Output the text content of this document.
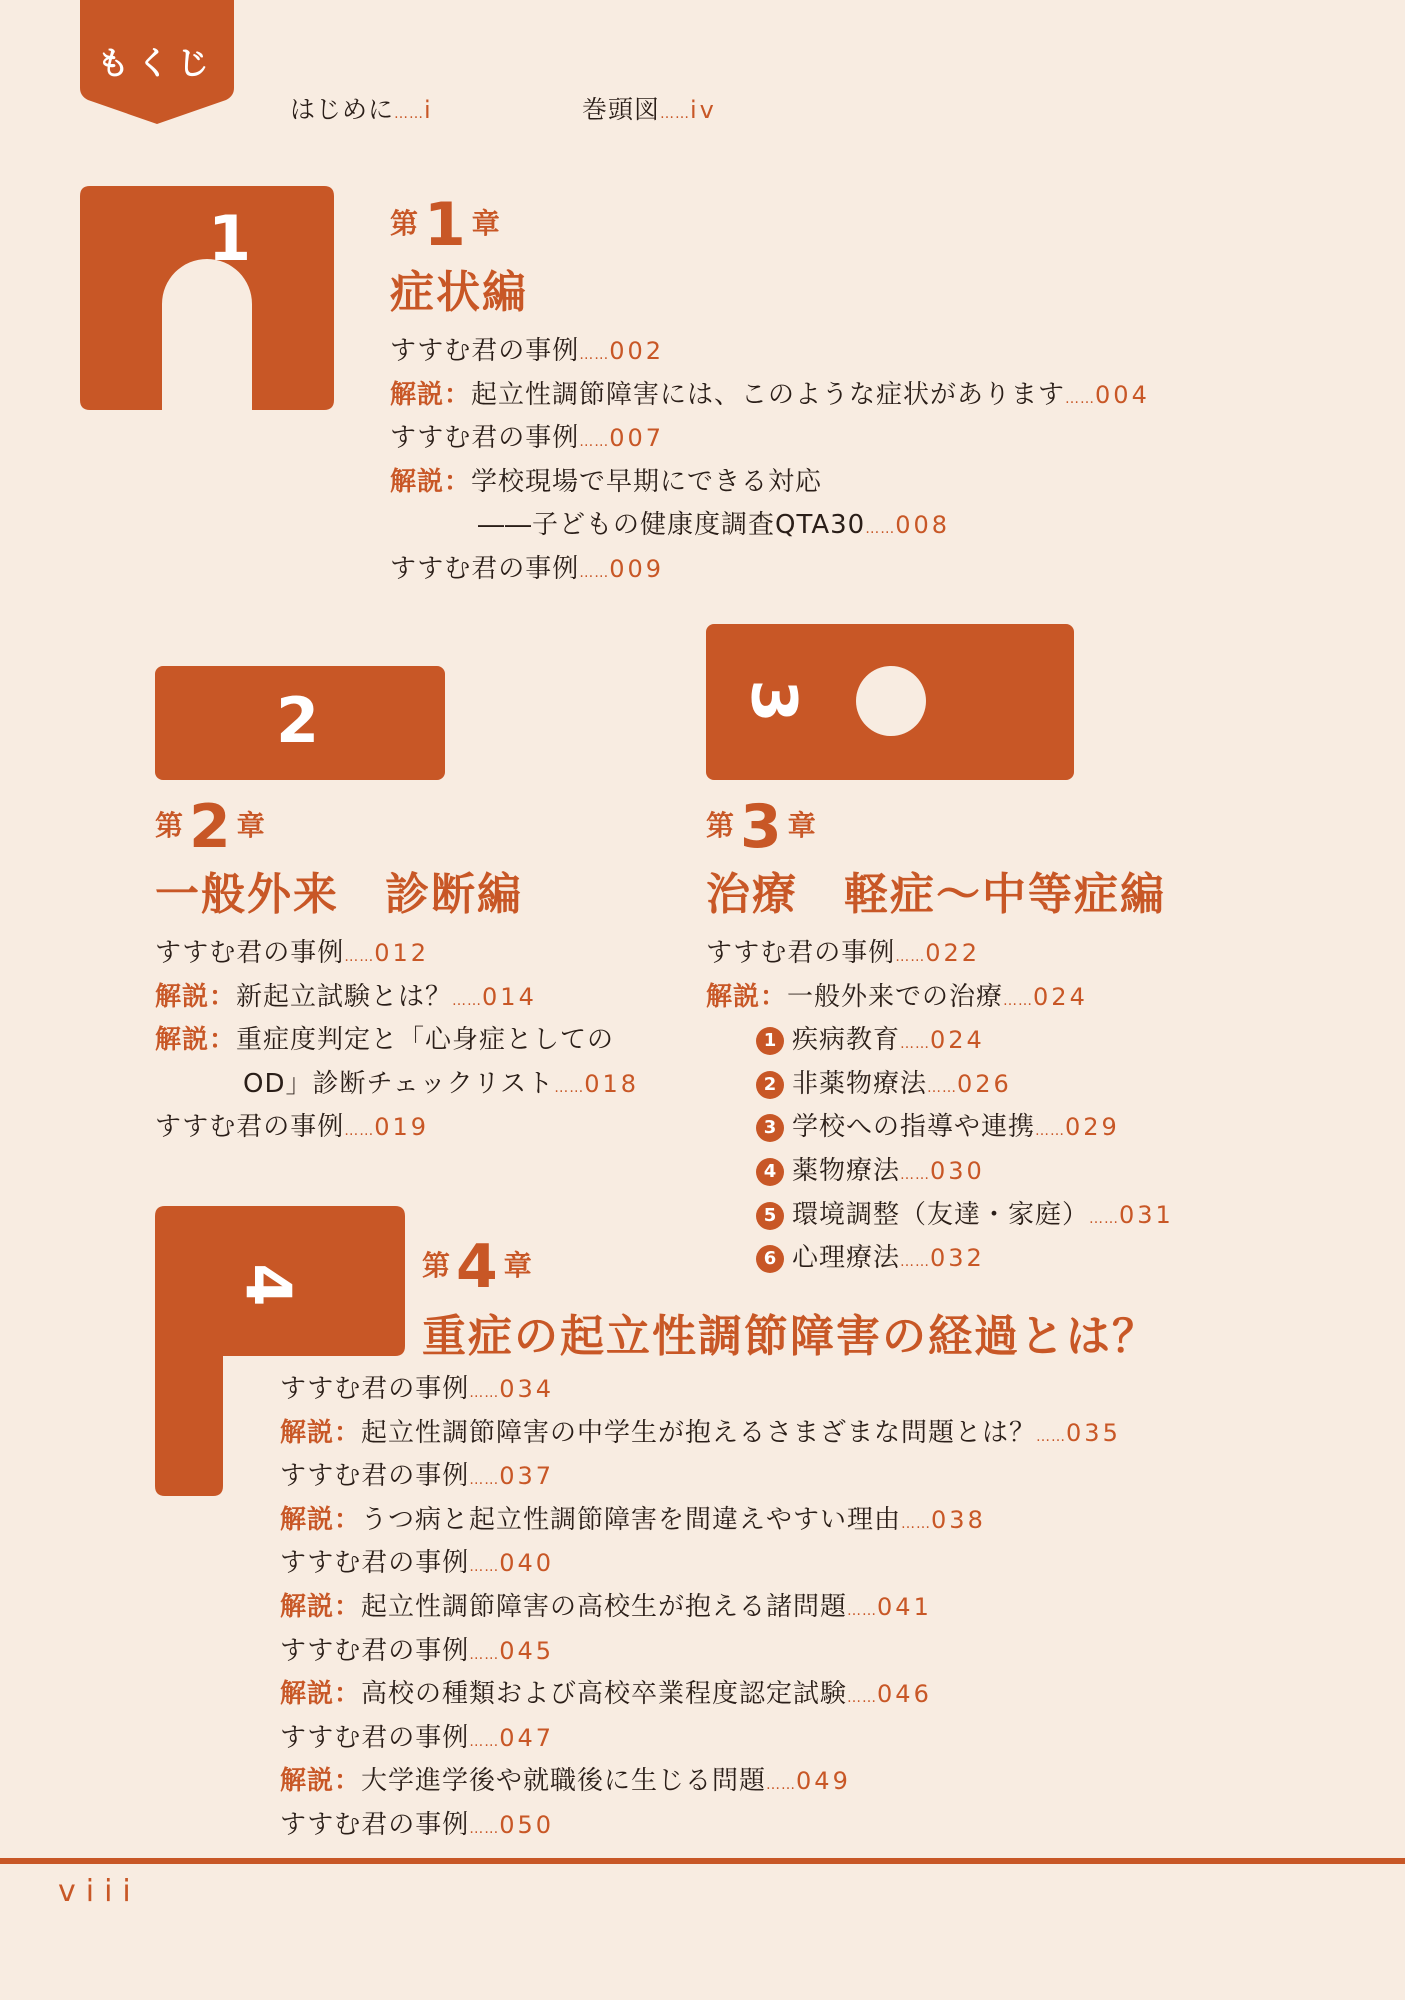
もくじ
はじめに……i	巻頭図……iv
1	第 1 章
症状編
すすむ君の事例……002
解説：起立性調節障害には、このような症状があります……004
すすむ君の事例……007
解説：学校現場で早期にできる対応
――子どもの健康度調査QTA30……008
すすむ君の事例……009
2
第 2 章
一般外来　診断編
すすむ君の事例……012
解説：新起立試験とは？……014
解説：重症度判定と「心身症としての
OD」診断チェックリスト……018
すすむ君の事例……019
3
第 3 章
治療　軽症～中等症編
すすむ君の事例……022
解説：一般外来での治療……024
1 疾病教育……024
2 非薬物療法……026
3 学校への指導や連携……029
4 薬物療法……030
5 環境調整（友達・家庭）……031
6 心理療法……032
4	第 4 章
重症の起立性調節障害の経過とは？
すすむ君の事例……034
解説：起立性調節障害の中学生が抱えるさまざまな問題とは？……035
すすむ君の事例……037
解説：うつ病と起立性調節障害を間違えやすい理由……038
すすむ君の事例……040
解説：起立性調節障害の高校生が抱える諸問題……041
すすむ君の事例……045
解説：高校の種類および高校卒業程度認定試験……046
すすむ君の事例……047
解説：大学進学後や就職後に生じる問題……049
すすむ君の事例……050
viii
